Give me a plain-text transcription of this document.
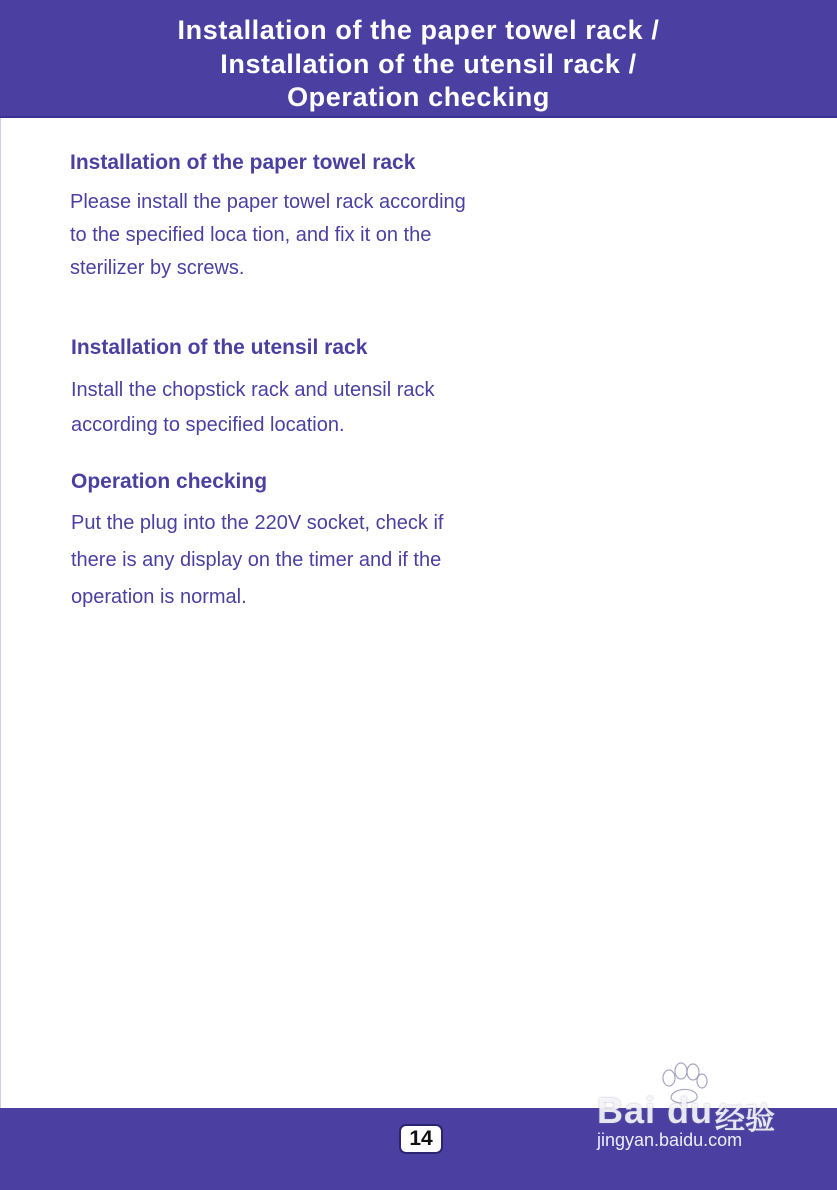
Installation of the paper towel rack /
Installation of the utensil rack /
Operation checking
Installation of the paper towel rack
Please install the paper towel rack according
to the specified loca tion, and fix it on the
sterilizer by screws.
Installation of the utensil rack
Install the chopstick rack and utensil rack
according to specified location.
Operation checking
Put the plug into the 220V socket, check if
there is any display on the timer and if the
operation is normal.
14
Bai du 经验
jingyan.baidu.com
